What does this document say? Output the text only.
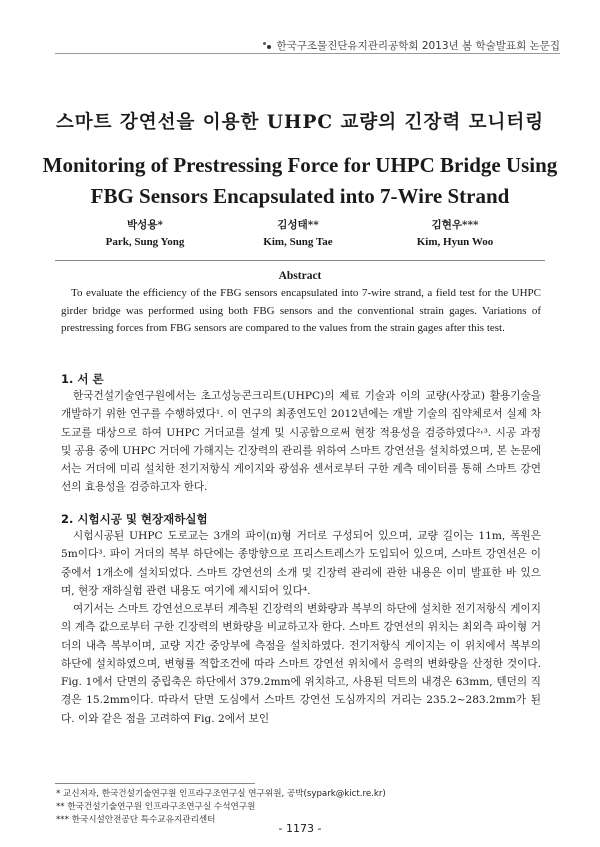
한국구조물진단유지관리공학회 2013년 봄 학술발표회 논문집
스마트 강연선을 이용한 UHPC 교량의 긴장력 모니터링
Monitoring of Prestressing Force for UHPC Bridge Using FBG Sensors Encapsulated into 7-Wire Strand
박성용*
Park, Sung Yong
김성태**
Kim, Sung Tae
김현우***
Kim, Hyun Woo
Abstract
To evaluate the efficiency of the FBG sensors encapsulated into 7-wire strand, a field test for the UHPC girder bridge was performed using both FBG sensors and the conventional strain gages. Variations of prestressing forces from FBG sensors are compared to the values from the strain gages after this test.
1. 서 론
한국건설기술연구원에서는 초고성능콘크리트(UHPC)의 제료 기술과 이의 교량(사장교) 활용기술을 개발하기 위한 연구를 수행하였다¹. 이 연구의 최종연도인 2012년에는 개발 기술의 집약체로서 실제 차도교를 대상으로 하여 UHPC 거더교를 설계 및 시공함으로써 현장 적용성을 검증하였다²˒³. 시공 과정 및 공용 중에 UHPC 거더에 가해지는 긴장력의 관리를 위하여 스마트 강연선을 설치하였으며, 본 논문에서는 거더에 미리 설치한 전기저항식 게이지와 광섬유 센서로부터 구한 계측 데이터를 통해 스마트 강연선의 효용성을 검증하고자 한다.
2. 시험시공 및 현장재하실험
시험시공된 UHPC 도로교는 3개의 파이(π)형 거더로 구성되어 있으며, 교량 길이는 11m, 폭원은 5m이다³. 파이 거더의 복부 하단에는 종방향으로 프리스트레스가 도입되어 있으며, 스마트 강연선은 이 중에서 1개소에 설치되었다. 스마트 강연선의 소개 및 긴장력 관리에 관한 내용은 이미 발표한 바 있으며, 현장 재하실험 관련 내용도 여기에 제시되어 있다⁴.
여기서는 스마트 강연선으로부터 계측된 긴장력의 변화량과 복부의 하단에 설치한 전기저항식 게이지의 계측 값으로부터 구한 긴장력의 변화량을 비교하고자 한다. 스마트 강연선의 위치는 최외측 파이형 거더의 내측 복부이며, 교량 지간 중앙부에 측점을 설치하였다. 전기저항식 게이지는 이 위치에서 복부의 하단에 설치하였으며, 변형률 적합조건에 따라 스마트 강연선 위치에서 응력의 변화량을 산정한 것이다. Fig. 1에서 단면의 중립축은 하단에서 379.2mm에 위치하고, 사용된 덕트의 내경은 63mm, 텐던의 직경은 15.2mm이다. 따라서 단면 도심에서 스마트 강연선 도심까지의 거리는 235.2~283.2mm가 된다. 이와 같은 점을 고려하여 Fig. 2에서 보인
* 교신저자, 한국건설기술연구원 인프라구조연구실 연구위원, 공박(sypark@kict.re.kr)
** 한국건설기술연구원 인프라구조연구실 수석연구원
*** 한국시설안전공단 특수교유지관리센터
- 1173 -
